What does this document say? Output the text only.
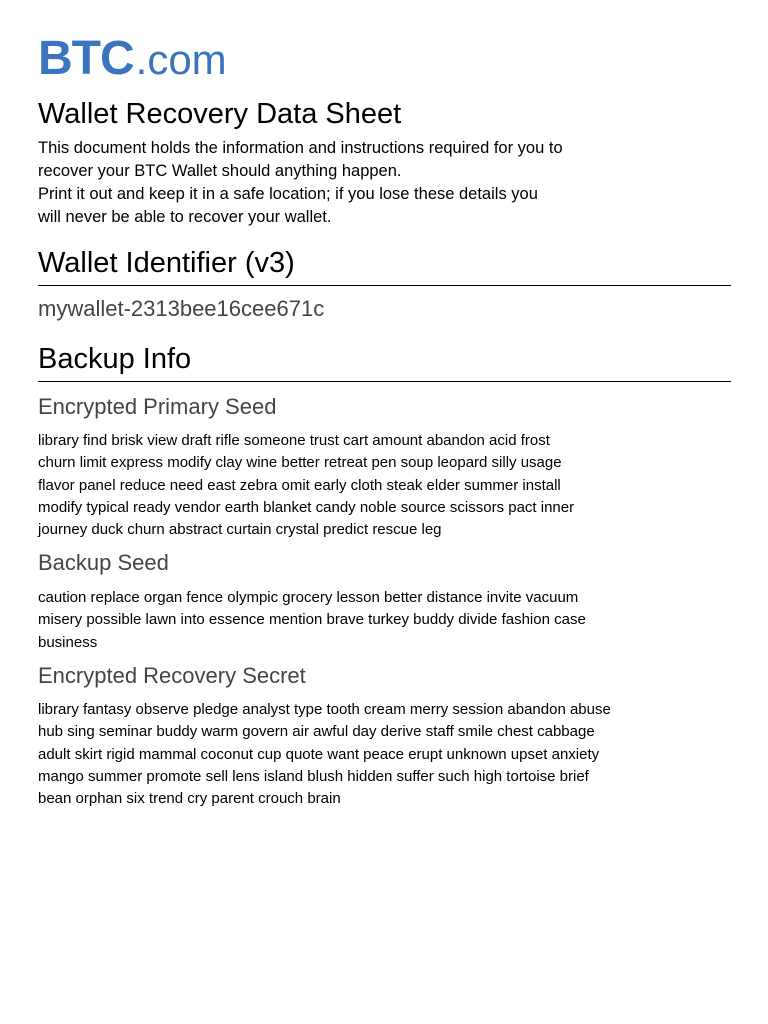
BTC . com
Wallet Recovery Data Sheet

This document holds the information and instructions required for you to
recover your BTC Wallet should anything happen.
Print it out and keep it in a safe location; if you lose these details you
will never be able to recover your wallet.

Wallet Identifier (v3)

mywallet-2313bee16cee671c

Backup Info
Encrypted Primary Seed

library find brisk view draft rifle someone trust cart amount abandon acid frost
churn limit express modify clay wine better retreat pen soup leopard silly usage
flavor panel reduce need east zebra omit early cloth steak elder summer install
modify typical ready vendor earth blanket candy noble source scissors pact inner
journey duck churn abstract curtain crystal predict rescue leg

Backup Seed

caution replace organ fence olympic grocery lesson better distance invite vacuum
misery possible lawn into essence mention brave turkey buddy divide fashion case
business

Encrypted Recovery Secret

library fantasy observe pledge analyst type tooth cream merry session abandon abuse
hub sing seminar buddy warm govern air awful day derive staff smile chest cabbage
adult skirt rigid mammal coconut cup quote want peace erupt unknown upset anxiety
mango summer promote sell lens island blush hidden suffer such high tortoise brief
bean orphan six trend cry parent crouch brain
